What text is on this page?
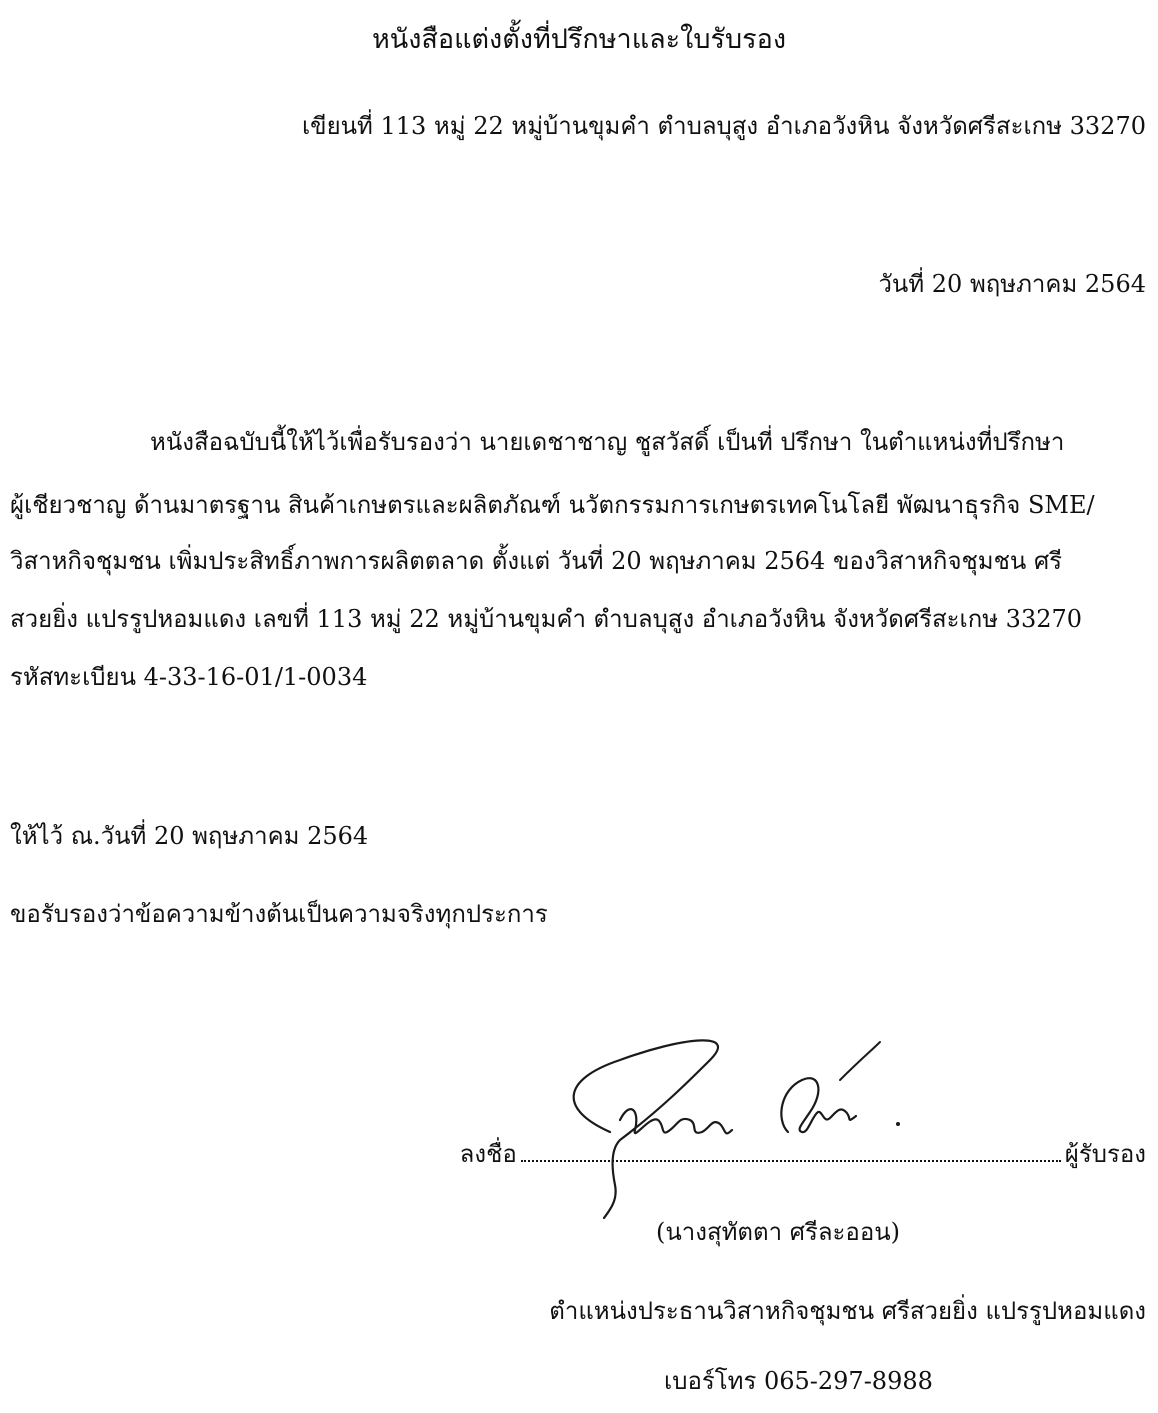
หนังสือแต่งตั้งที่ปรึกษาและใบรับรอง
เขียนที่ 113 หมู่ 22 หมู่บ้านขุมคำ ตำบลบุสูง อำเภอวังหิน จังหวัดศรีสะเกษ 33270
วันที่ 20 พฤษภาคม 2564
หนังสือฉบับนี้ให้ไว้เพื่อรับรองว่า นายเดชาชาญ ชูสวัสดิ์ เป็นที่ ปรึกษา ในตำแหน่งที่ปรึกษา
ผู้เชียวชาญ ด้านมาตรฐาน สินค้าเกษตรและผลิตภัณฑ์ นวัตกรรมการเกษตรเทคโนโลยี พัฒนาธุรกิจ SME/
วิสาหกิจชุมชน เพิ่มประสิทธิ์ภาพการผลิตตลาด ตั้งแต่ วันที่ 20 พฤษภาคม 2564 ของวิสาหกิจชุมชน ศรี
สวยยิ่ง แปรรูปหอมแดง เลขที่ 113 หมู่ 22 หมู่บ้านขุมคำ ตำบลบุสูง อำเภอวังหิน จังหวัดศรีสะเกษ 33270
รหัสทะเบียน 4-33-16-01/1-0034
ให้ไว้ ณ.วันที่ 20 พฤษภาคม 2564
ขอรับรองว่าข้อความข้างต้นเป็นความจริงทุกประการ
ลงชื่อ	ผู้รับรอง
(นางสุทัตตา ศรีละออน)
ตำแหน่งประธานวิสาหกิจชุมชน ศรีสวยยิ่ง แปรรูปหอมแดง
เบอร์โทร 065-297-8988
